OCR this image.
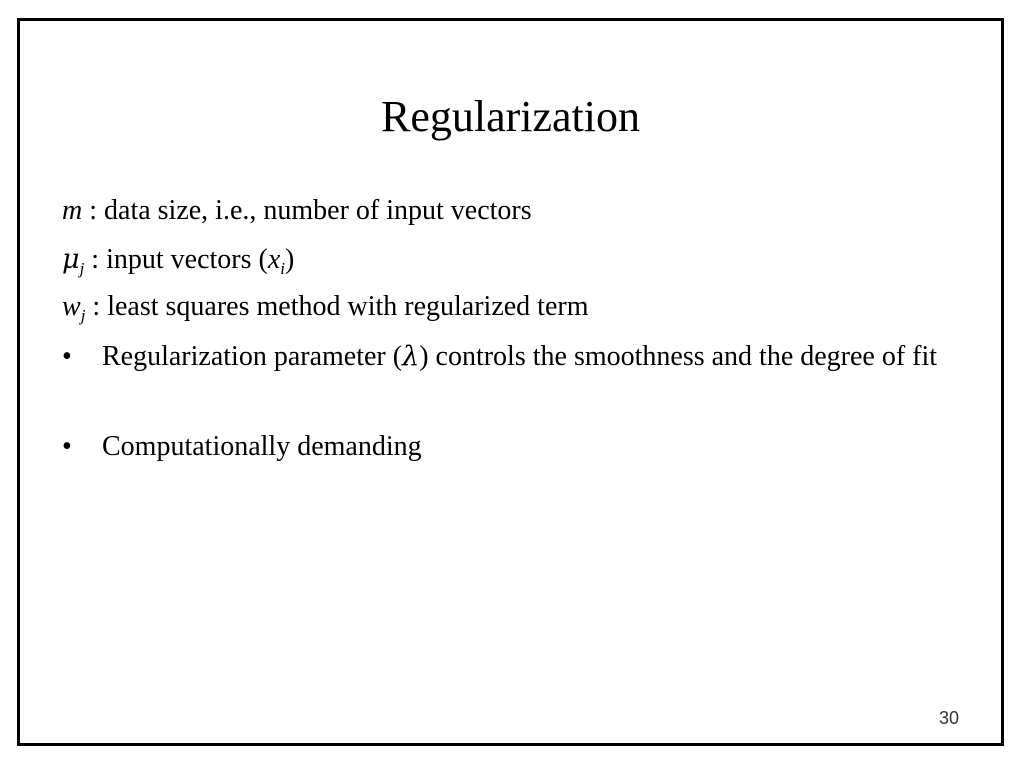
Regularization
m : data size, i.e., number of input vectors
$\mu_j$ : input vectors $(x_i)$
$w_j$ : least squares method with regularized term
• Regularization parameter (λ) controls the smoothness and the degree of fit
• Computationally demanding
30
